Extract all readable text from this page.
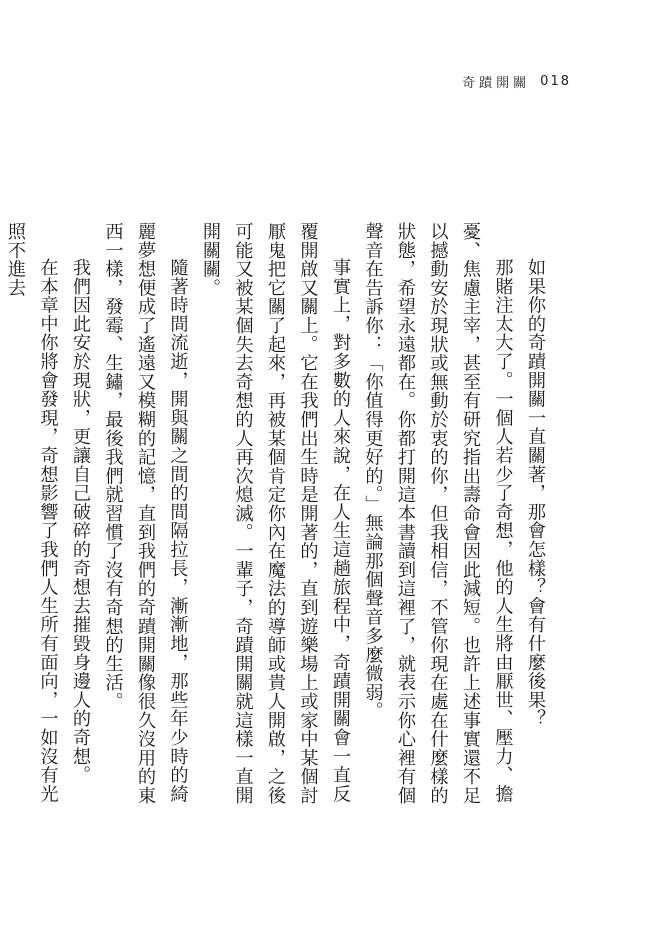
奇蹟開關 018

如果你的奇蹟開關一直關著，那會怎樣？會有什麼後果？

那賭注太大了。一個人若少了奇想，他的人生將由厭世、壓力、擔憂、焦慮主宰，甚至有研究指出壽命會因此減短。也許上述事實還不足以撼動安於現狀或無動於衷的你，但我相信，不管你現在處在什麼樣的狀態，希望永遠都在。你都打開這本書讀到這裡了，就表示你心裡有個聲音在告訴你：「你值得更好的。」無論那個聲音多麼微弱。

事實上，對多數的人來說，在人生這趟旅程中，奇蹟開關會一直反覆開啟又關上。它在我們出生時是開著的，直到遊樂場上或家中某個討厭鬼把它關了起來，再被某個肯定你內在魔法的導師或貴人開啟，之後可能又被某個失去奇想的人再次熄滅。一輩子，奇蹟開關就這樣一直開開關關。

隨著時間流逝，開與關之間的間隔拉長，漸漸地，那些年少時的綺麗夢想便成了遙遠又模糊的記憶，直到我們的奇蹟開關像很久沒用的東西一樣，發霉、生鏽，最後我們就習慣了沒有奇想的生活。

我們因此安於現狀，更讓自己破碎的奇想去摧毀身邊人的奇想。

在本章中你將會發現，奇想影響了我們人生所有面向，一如沒有光照不進去
